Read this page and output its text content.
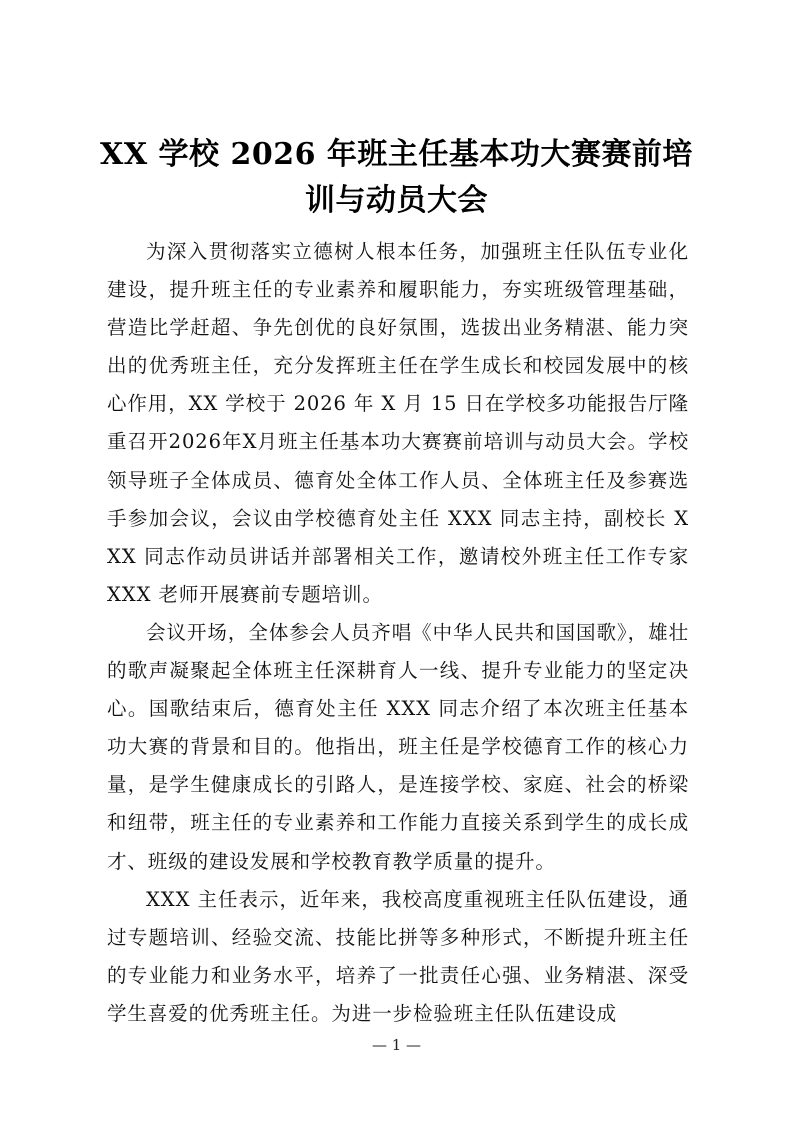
XX 学校 2026 年班主任基本功大赛赛前培训与动员大会

为深入贯彻落实立德树人根本任务，加强班主任队伍专业化建设，提升班主任的专业素养和履职能力，夯实班级管理基础，营造比学赶超、争先创优的良好氛围，选拔出业务精湛、能力突出的优秀班主任，充分发挥班主任在学生成长和校园发展中的核心作用，XX 学校于 2026 年 X 月 15 日在学校多功能报告厅隆重召开2026年X月班主任基本功大赛赛前培训与动员大会。学校领导班子全体成员、德育处全体工作人员、全体班主任及参赛选手参加会议，会议由学校德育处主任 XXX 同志主持，副校长 XXX 同志作动员讲话并部署相关工作，邀请校外班主任工作专家 XXX 老师开展赛前专题培训。

会议开场，全体参会人员齐唱《中华人民共和国国歌》，雄壮的歌声凝聚起全体班主任深耕育人一线、提升专业能力的坚定决心。国歌结束后，德育处主任 XXX 同志介绍了本次班主任基本功大赛的背景和目的。他指出，班主任是学校德育工作的核心力量，是学生健康成长的引路人，是连接学校、家庭、社会的桥梁和纽带，班主任的专业素养和工作能力直接关系到学生的成长成才、班级的建设发展和学校教育教学质量的提升。

XXX 主任表示，近年来，我校高度重视班主任队伍建设，通过专题培训、经验交流、技能比拼等多种形式，不断提升班主任的专业能力和业务水平，培养了一批责任心强、业务精湛、深受学生喜爱的优秀班主任。为进一步检验班主任队伍建设成

— 1 —
